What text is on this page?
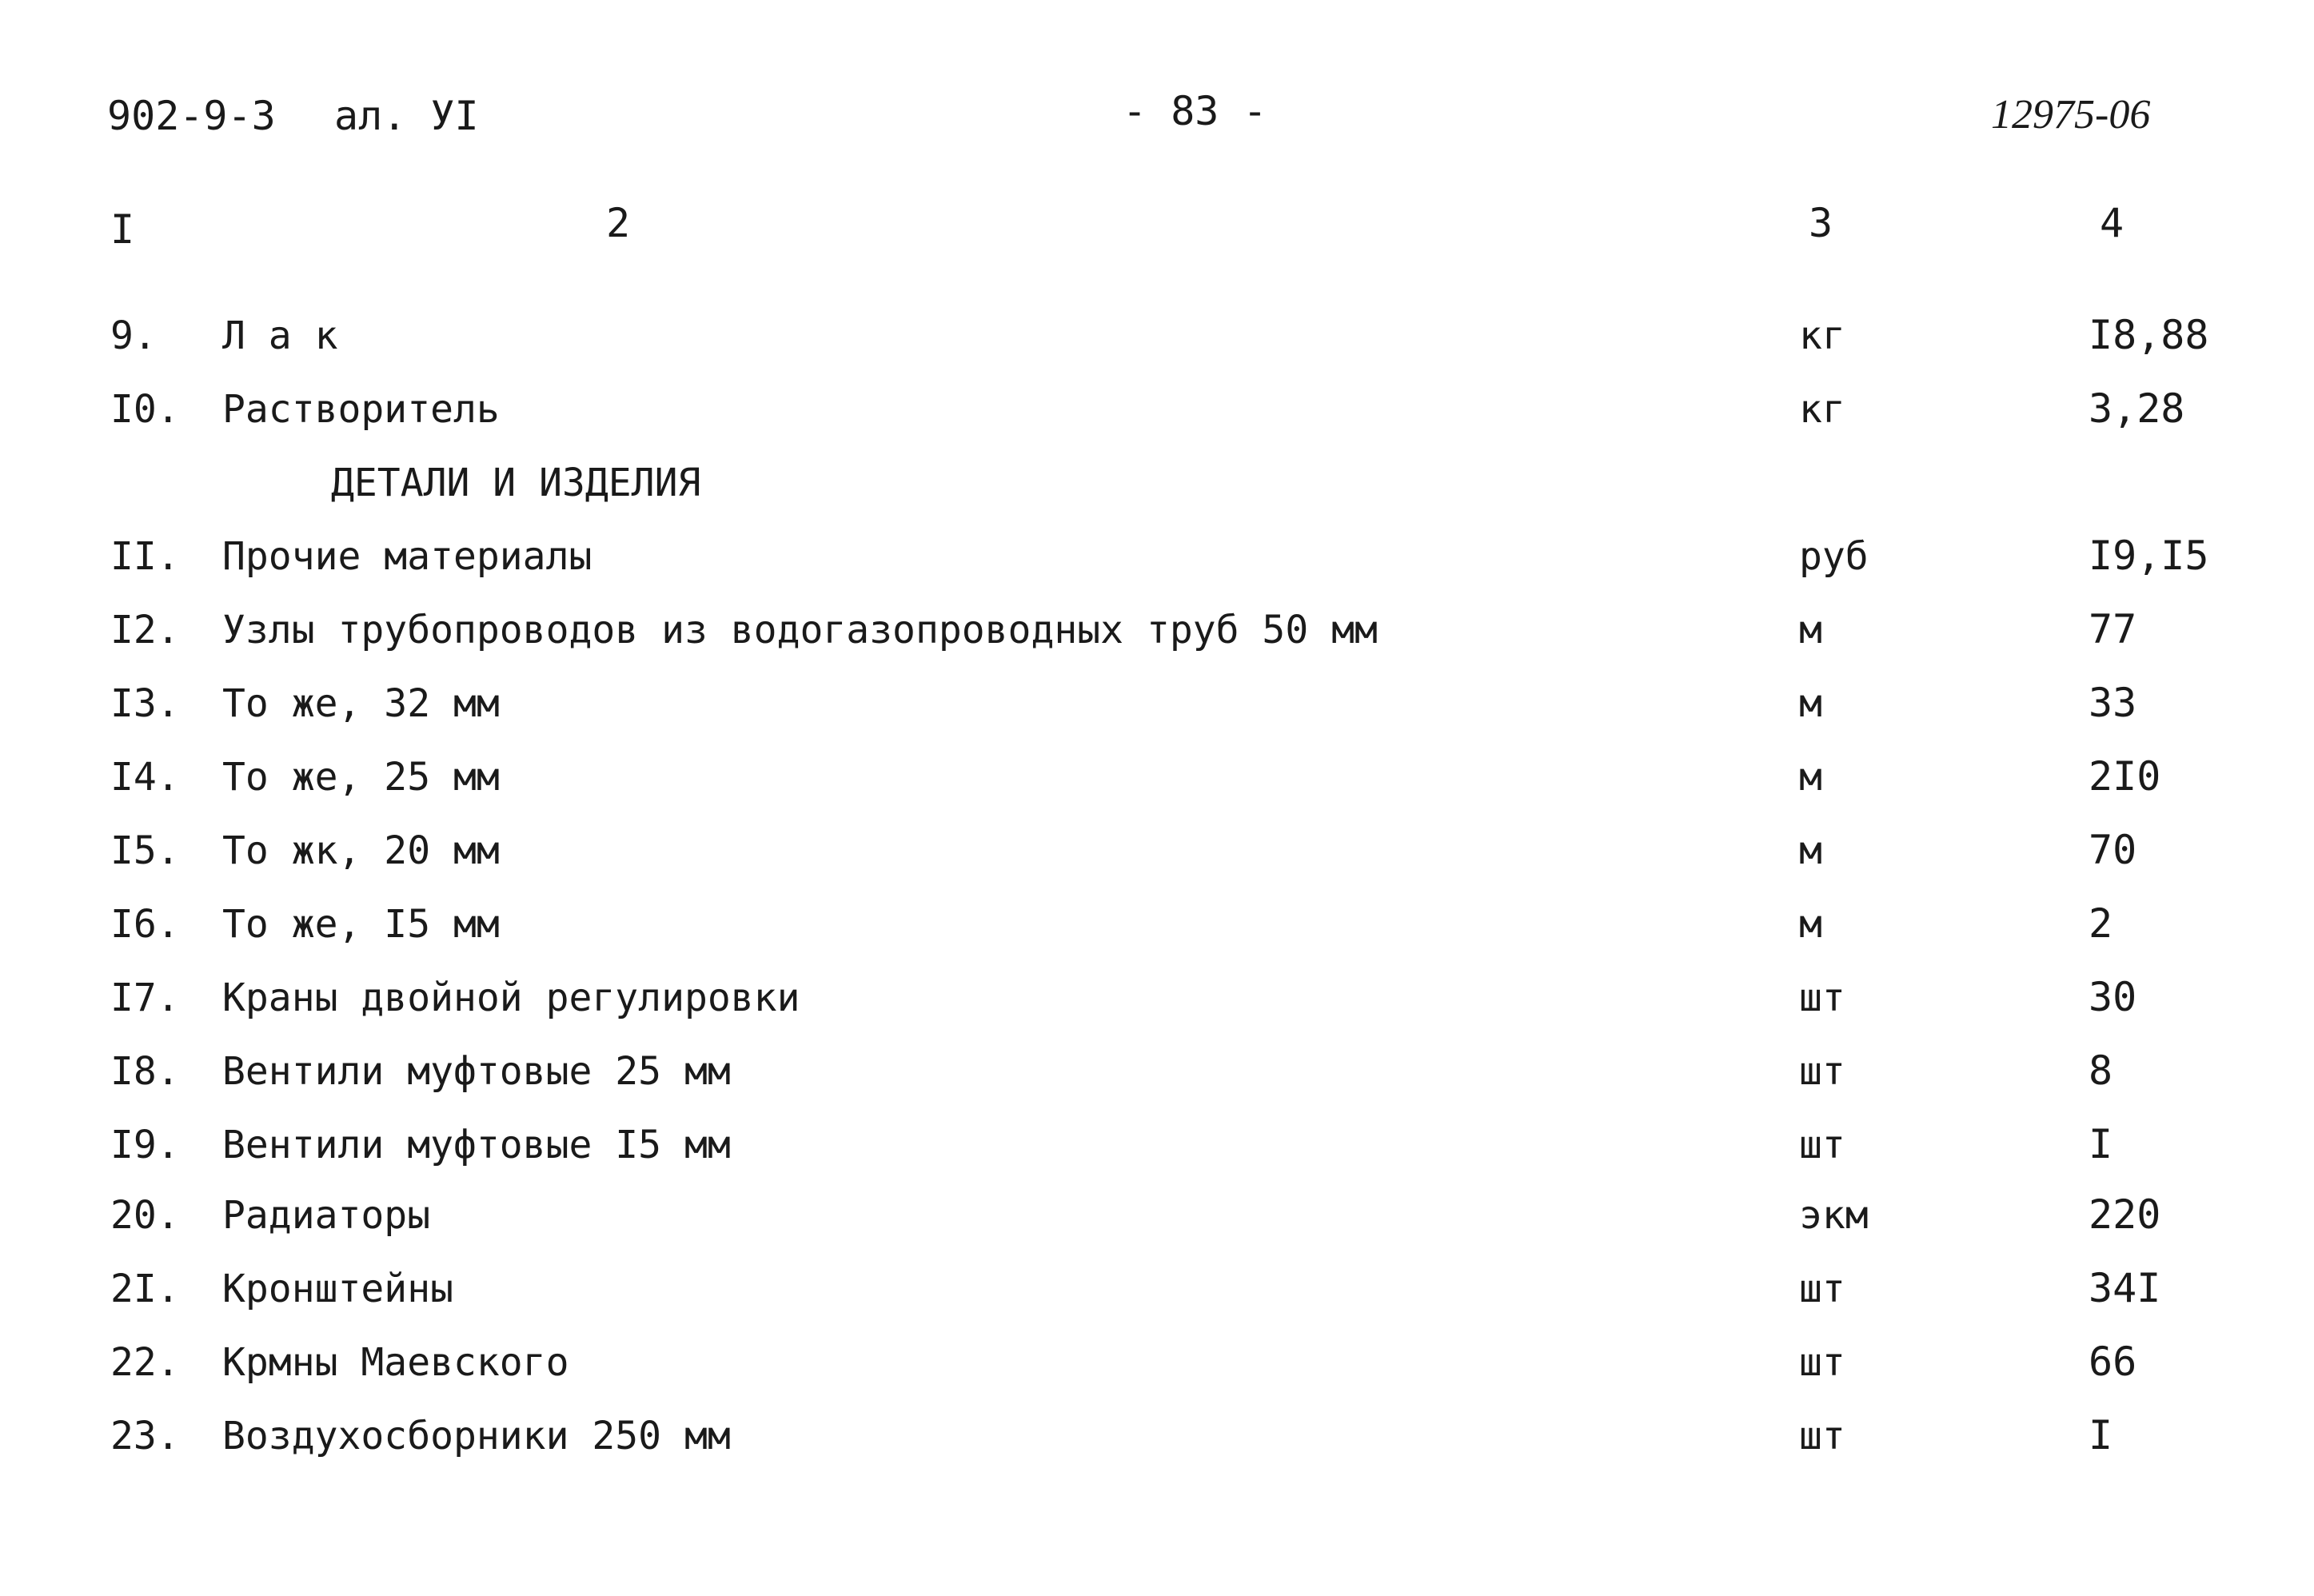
902-9-3 ал. УI	- 83 -	12975-06
I	2	3	4
9. Л а к	кг	I8,88
I0. Растворитель	кг	3,28
ДЕТАЛИ И ИЗДЕЛИЯ
II. Прочие материалы	руб	I9,I5
I2. Узлы трубопроводов из водогазопроводных труб 50 мм	м	77
I3. То же, 32 мм	м	33
I4. То же, 25 мм	м	2I0
I5. То жк, 20 мм	м	70
I6. То же, I5 мм	м	2
I7. Краны двойной регулировки	шт	30
I8. Вентили муфтовые 25 мм	шт	8
I9. Вентили муфтовые I5 мм	шт	I
20. Радиаторы	экм	220
2I. Кронштейны	шт	34I
22. Крмны Маевского	шт	66
23. Воздухосборники 250 мм	шт	I
